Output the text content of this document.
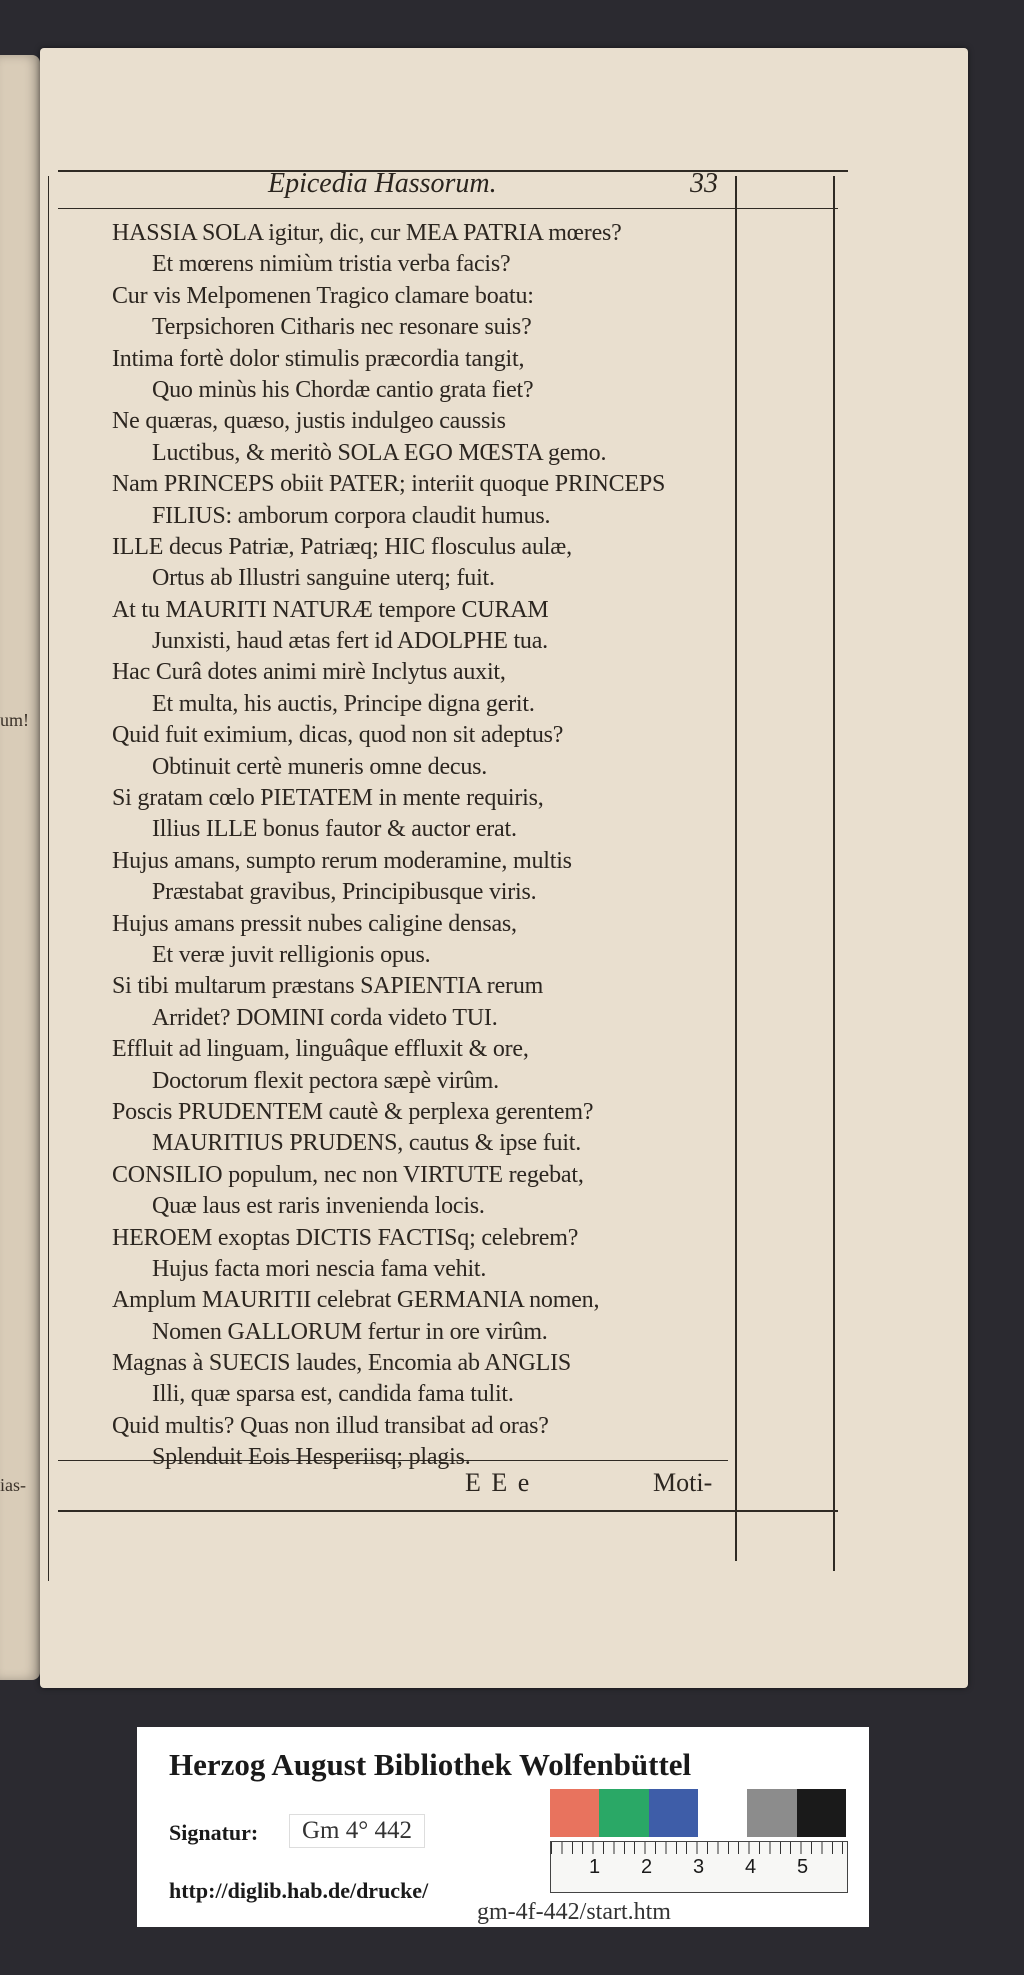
um!
ias-
Epicedia Hassorum.	33
HASSIA SOLA igitur, dic, cur MEA PATRIA mœres?
Et mœrens nimiùm tristia verba facis?
Cur vis Melpomenen Tragico clamare boatu:
Terpsichoren Citharis nec resonare suis?
Intima fortè dolor stimulis præcordia tangit,
Quo minùs his Chordæ cantio grata fiet?
Ne quæras, quæso, justis indulgeo caussis
Luctibus, & meritò SOLA EGO MŒSTA gemo.
Nam PRINCEPS obiit PATER; interiit quoque PRINCEPS
FILIUS: amborum corpora claudit humus.
ILLE decus Patriæ, Patriæq; HIC flosculus aulæ,
Ortus ab Illustri sanguine uterq; fuit.
At tu MAURITI NATURÆ tempore CURAM
Junxisti, haud ætas fert id ADOLPHE tua.
Hac Curâ dotes animi mirè Inclytus auxit,
Et multa, his auctis, Principe digna gerit.
Quid fuit eximium, dicas, quod non sit adeptus?
Obtinuit certè muneris omne decus.
Si gratam cœlo PIETATEM in mente requiris,
Illius ILLE bonus fautor & auctor erat.
Hujus amans, sumpto rerum moderamine, multis
Præstabat gravibus, Principibusque viris.
Hujus amans pressit nubes caligine densas,
Et veræ juvit relligionis opus.
Si tibi multarum præstans SAPIENTIA rerum
Arridet? DOMINI corda videto TUI.
Effluit ad linguam, linguâque effluxit & ore,
Doctorum flexit pectora sæpè virûm.
Poscis PRUDENTEM cautè & perplexa gerentem?
MAURITIUS PRUDENS, cautus & ipse fuit.
CONSILIO populum, nec non VIRTUTE regebat,
Quæ laus est raris invenienda locis.
HEROEM exoptas DICTIS FACTISq; celebrem?
Hujus facta mori nescia fama vehit.
Amplum MAURITII celebrat GERMANIA nomen,
Nomen GALLORUM fertur in ore virûm.
Magnas à SUECIS laudes, Encomia ab ANGLIS
Illi, quæ sparsa est, candida fama tulit.
Quid multis? Quas non illud transibat ad oras?
Splenduit Eois Hesperiisq; plagis.
E E e	Moti-
Herzog August Bibliothek Wolfenbüttel
Signatur:	Gm 4° 442
http://diglib.hab.de/drucke/
gm-4f-442/start.htm
1 2 3 4 5
